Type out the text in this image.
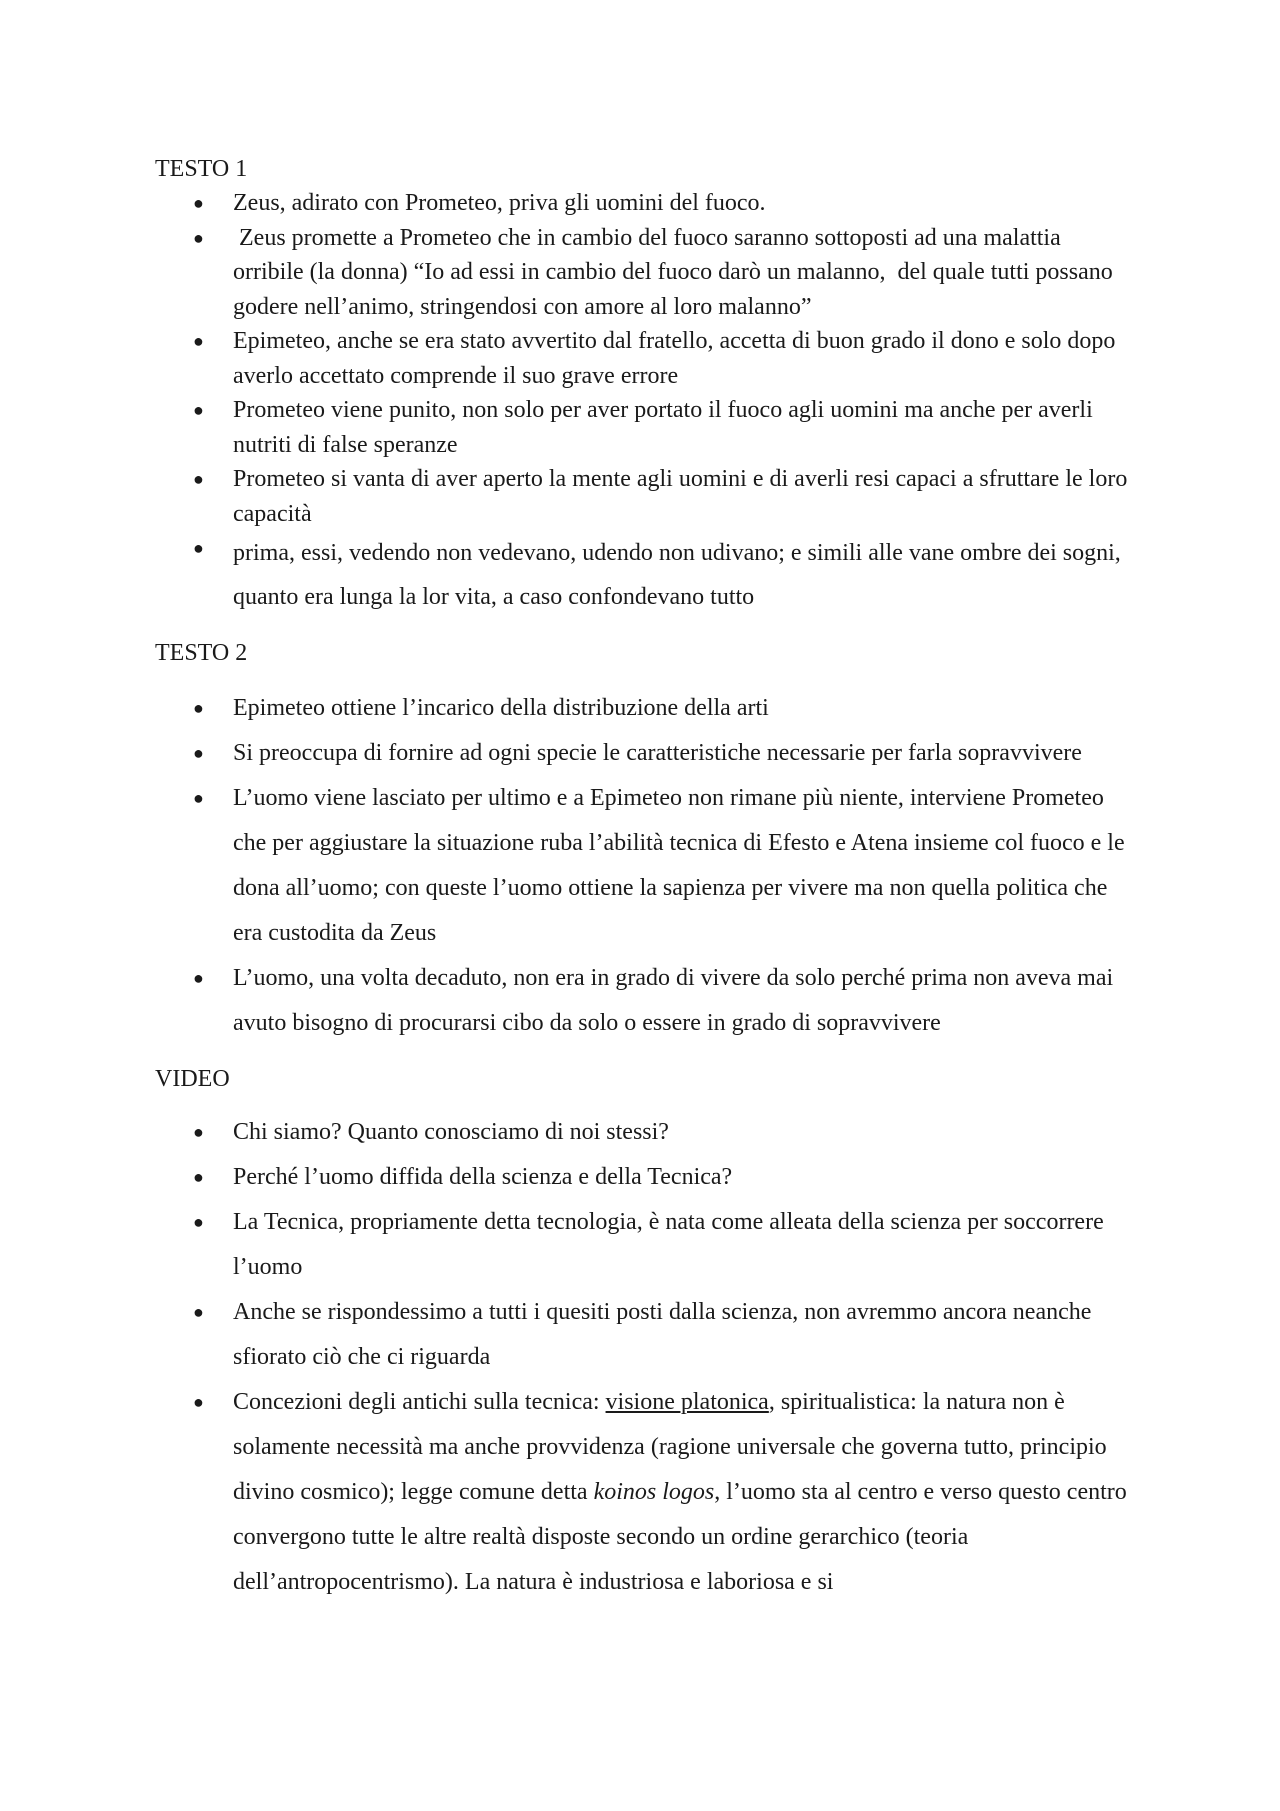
TESTO 1
● Zeus, adirato con Prometeo, priva gli uomini del fuoco.
● Zeus promette a Prometeo che in cambio del fuoco saranno sottoposti ad una malattia orribile (la donna) “Io ad essi in cambio del fuoco darò un malanno,  del quale tutti possano godere nell’animo, stringendosi con amore al loro malanno”
● Epimeteo, anche se era stato avvertito dal fratello, accetta di buon grado il dono e solo dopo averlo accettato comprende il suo grave errore
● Prometeo viene punito, non solo per aver portato il fuoco agli uomini ma anche per averli nutriti di false speranze
● Prometeo si vanta di aver aperto la mente agli uomini e di averli resi capaci a sfruttare le loro capacità
● prima, essi, vedendo non vedevano, udendo non udivano; e simili alle vane ombre dei sogni, quanto era lunga la lor vita, a caso confondevano tutto
TESTO 2
● Epimeteo ottiene l’incarico della distribuzione della arti
● Si preoccupa di fornire ad ogni specie le caratteristiche necessarie per farla sopravvivere
● L’uomo viene lasciato per ultimo e a Epimeteo non rimane più niente, interviene Prometeo che per aggiustare la situazione ruba l’abilità tecnica di Efesto e Atena insieme col fuoco e le dona all’uomo; con queste l’uomo ottiene la sapienza per vivere ma non quella politica che era custodita da Zeus
● L’uomo, una volta decaduto, non era in grado di vivere da solo perché prima non aveva mai avuto bisogno di procurarsi cibo da solo o essere in grado di sopravvivere
VIDEO
● Chi siamo? Quanto conosciamo di noi stessi?
● Perché l’uomo diffida della scienza e della Tecnica?
● La Tecnica, propriamente detta tecnologia, è nata come alleata della scienza per soccorrere l’uomo
● Anche se rispondessimo a tutti i quesiti posti dalla scienza, non avremmo ancora neanche sfiorato ciò che ci riguarda
● Concezioni degli antichi sulla tecnica: visione platonica, spiritualistica: la natura non è solamente necessità ma anche provvidenza (ragione universale che governa tutto, principio divino cosmico); legge comune detta koinos logos, l’uomo sta al centro e verso questo centro convergono tutte le altre realtà disposte secondo un ordine gerarchico (teoria dell’antropocentrismo). La natura è industriosa e laboriosa e si
